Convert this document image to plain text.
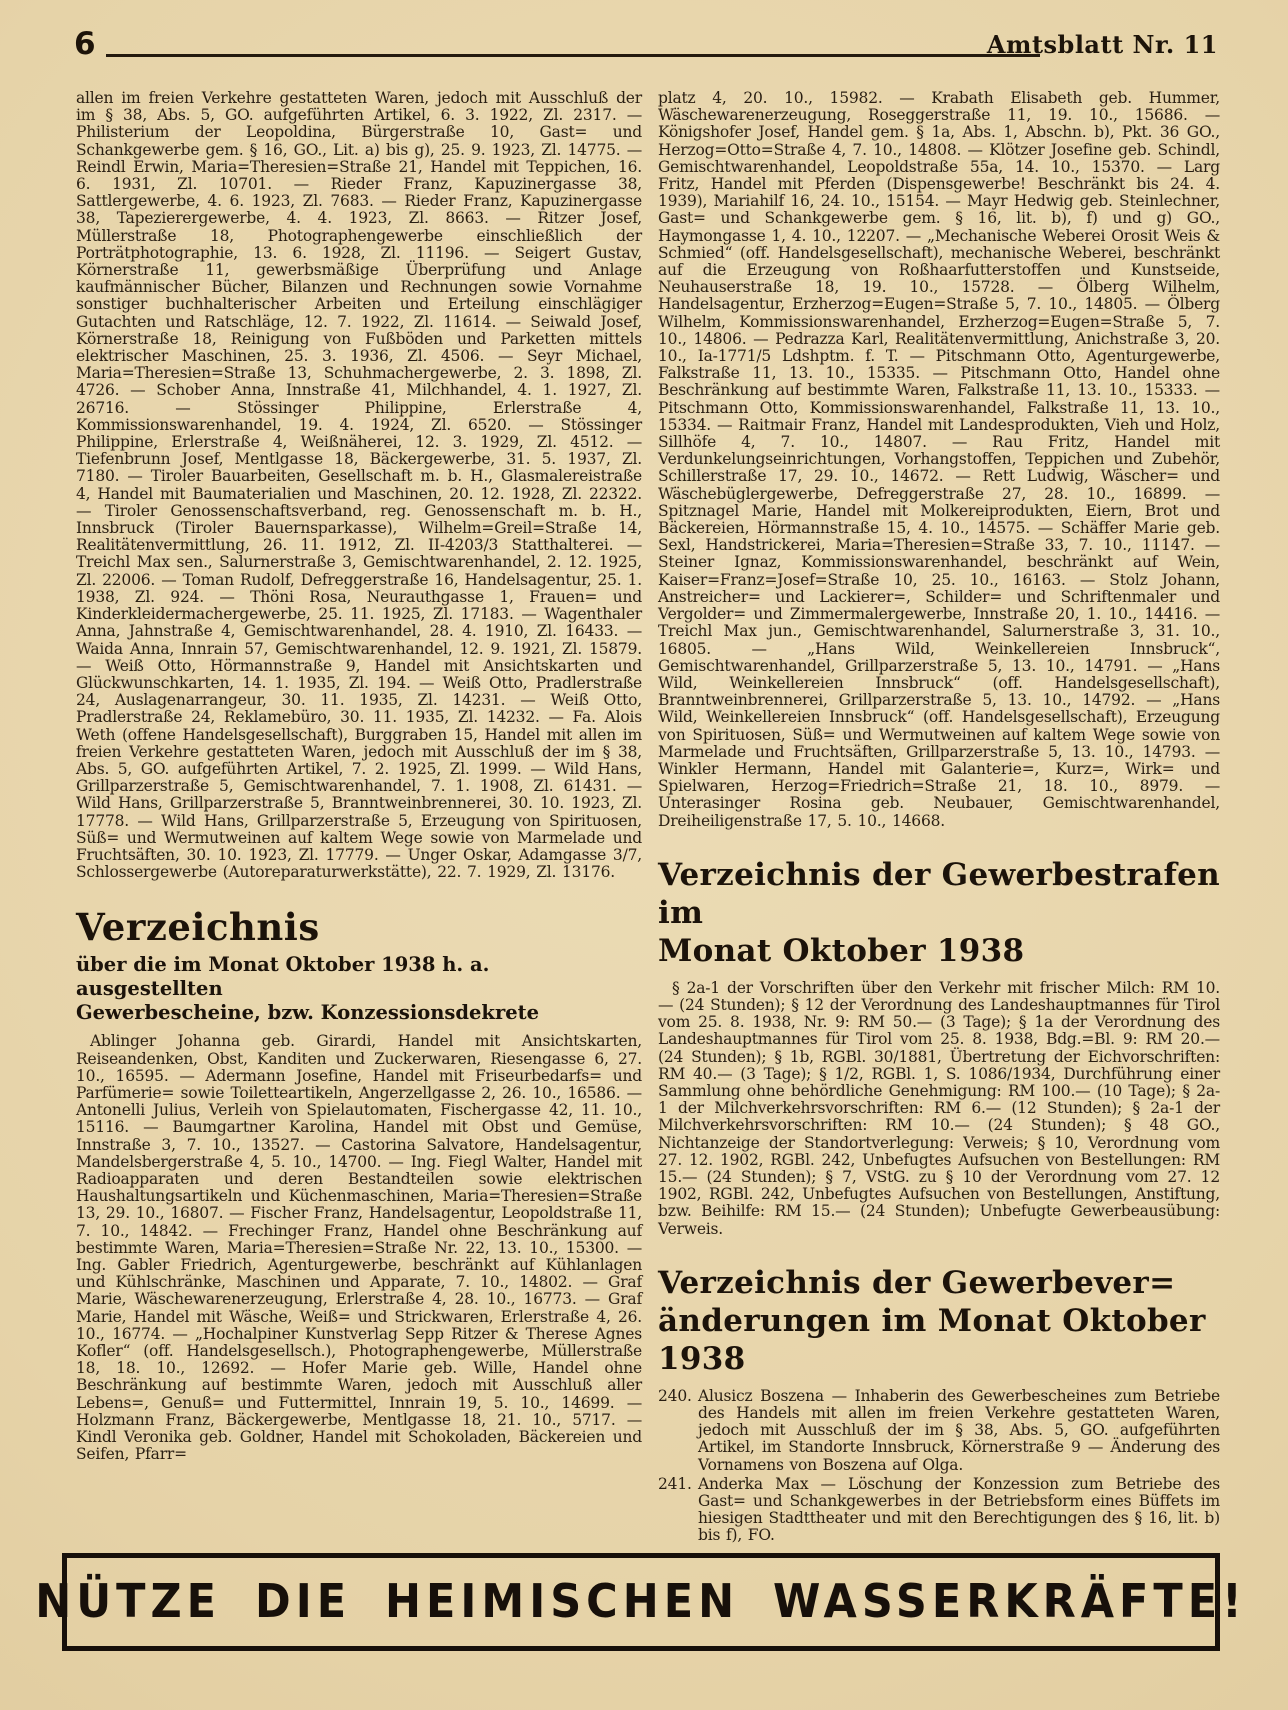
6	Amtsblatt Nr. 11
allen im freien Verkehre gestatteten Waren, jedoch mit Ausschluß der im § 38, Abs. 5, GO. aufgeführten Artikel, 6. 3. 1922, Zl. 2317. — Philisterium der Leopoldina, Bürgerstraße 10, Gast= und Schankgewerbe gem. § 16, GO., Lit. a) bis g), 25. 9. 1923, Zl. 14775. — Reindl Erwin, Maria=Theresien=Straße 21, Handel mit Teppichen, 16. 6. 1931, Zl. 10701. — Rieder Franz, Kapuzinergasse 38, Sattlergewerbe, 4. 6. 1923, Zl. 7683. — Rieder Franz, Kapuzinergasse 38, Tapezierergewerbe, 4. 4. 1923, Zl. 8663. — Ritzer Josef, Müllerstraße 18, Photographengewerbe einschließlich der Porträtphotographie, 13. 6. 1928, Zl. 11196. — Seigert Gustav, Körnerstraße 11, gewerbsmäßige Überprüfung und Anlage kaufmännischer Bücher, Bilanzen und Rechnungen sowie Vornahme sonstiger buchhalterischer Arbeiten und Erteilung einschlägiger Gutachten und Ratschläge, 12. 7. 1922, Zl. 11614. — Seiwald Josef, Körnerstraße 18, Reinigung von Fußböden und Parketten mittels elektrischer Maschinen, 25. 3. 1936, Zl. 4506. — Seyr Michael, Maria=Theresien=Straße 13, Schuhmachergewerbe, 2. 3. 1898, Zl. 4726. — Schober Anna, Innstraße 41, Milchhandel, 4. 1. 1927, Zl. 26716. — Stössinger Philippine, Erlerstraße 4, Kommissionswarenhandel, 19. 4. 1924, Zl. 6520. — Stössinger Philippine, Erlerstraße 4, Weißnäherei, 12. 3. 1929, Zl. 4512. — Tiefenbrunn Josef, Mentlgasse 18, Bäckergewerbe, 31. 5. 1937, Zl. 7180. — Tiroler Bauarbeiten, Gesellschaft m. b. H., Glasmalereistraße 4, Handel mit Baumaterialien und Maschinen, 20. 12. 1928, Zl. 22322. — Tiroler Genossenschaftsverband, reg. Genossenschaft m. b. H., Innsbruck (Tiroler Bauernsparkasse), Wilhelm=Greil=Straße 14, Realitätenvermittlung, 26. 11. 1912, Zl. II-4203/3 Statthalterei. — Treichl Max sen., Salurnerstraße 3, Gemischtwarenhandel, 2. 12. 1925, Zl. 22006. — Toman Rudolf, Defreggerstraße 16, Handelsagentur, 25. 1. 1938, Zl. 924. — Thöni Rosa, Neurauthgasse 1, Frauen= und Kinderkleidermachergewerbe, 25. 11. 1925, Zl. 17183. — Wagenthaler Anna, Jahnstraße 4, Gemischtwarenhandel, 28. 4. 1910, Zl. 16433. — Waida Anna, Innrain 57, Gemischtwarenhandel, 12. 9. 1921, Zl. 15879. — Weiß Otto, Hörmannstraße 9, Handel mit Ansichtskarten und Glückwunschkarten, 14. 1. 1935, Zl. 194. — Weiß Otto, Pradlerstraße 24, Auslagenarrangeur, 30. 11. 1935, Zl. 14231. — Weiß Otto, Pradlerstraße 24, Reklamebüro, 30. 11. 1935, Zl. 14232. — Fa. Alois Weth (offene Handelsgesellschaft), Burggraben 15, Handel mit allen im freien Verkehre gestatteten Waren, jedoch mit Ausschluß der im § 38, Abs. 5, GO. aufgeführten Artikel, 7. 2. 1925, Zl. 1999. — Wild Hans, Grillparzerstraße 5, Gemischtwarenhandel, 7. 1. 1908, Zl. 61431. — Wild Hans, Grillparzerstraße 5, Branntweinbrennerei, 30. 10. 1923, Zl. 17778. — Wild Hans, Grillparzerstraße 5, Erzeugung von Spirituosen, Süß= und Wermutweinen auf kaltem Wege sowie von Marmelade und Fruchtsäften, 30. 10. 1923, Zl. 17779. — Unger Oskar, Adamgasse 3/7, Schlossergewerbe (Autoreparaturwerkstätte), 22. 7. 1929, Zl. 13176.
Verzeichnis
über die im Monat Oktober 1938 h. a. ausgestellten
Gewerbescheine, bzw. Konzessionsdekrete
Ablinger Johanna geb. Girardi, Handel mit Ansichtskarten, Reiseandenken, Obst, Kanditen und Zuckerwaren, Riesengasse 6, 27. 10., 16595. — Adermann Josefine, Handel mit Friseurbedarfs= und Parfümerie= sowie Toiletteartikeln, Angerzellgasse 2, 26. 10., 16586. — Antonelli Julius, Verleih von Spielautomaten, Fischergasse 42, 11. 10., 15116. — Baumgartner Karolina, Handel mit Obst und Gemüse, Innstraße 3, 7. 10., 13527. — Castorina Salvatore, Handelsagentur, Mandelsbergerstraße 4, 5. 10., 14700. — Ing. Fiegl Walter, Handel mit Radioapparaten und deren Bestandteilen sowie elektrischen Haushaltungsartikeln und Küchenmaschinen, Maria=Theresien=Straße 13, 29. 10., 16807. — Fischer Franz, Handelsagentur, Leopoldstraße 11, 7. 10., 14842. — Frechinger Franz, Handel ohne Beschränkung auf bestimmte Waren, Maria=Theresien=Straße Nr. 22, 13. 10., 15300. — Ing. Gabler Friedrich, Agenturgewerbe, beschränkt auf Kühlanlagen und Kühlschränke, Maschinen und Apparate, 7. 10., 14802. — Graf Marie, Wäschewarenerzeugung, Erlerstraße 4, 28. 10., 16773. — Graf Marie, Handel mit Wäsche, Weiß= und Strickwaren, Erlerstraße 4, 26. 10., 16774. — „Hochalpiner Kunstverlag Sepp Ritzer & Therese Agnes Kofler“ (off. Handelsgesellsch.), Photographengewerbe, Müllerstraße 18, 18. 10., 12692. — Hofer Marie geb. Wille, Handel ohne Beschränkung auf bestimmte Waren, jedoch mit Ausschluß aller Lebens=, Genuß= und Futtermittel, Innrain 19, 5. 10., 14699. — Holzmann Franz, Bäckergewerbe, Mentlgasse 18, 21. 10., 5717. — Kindl Veronika geb. Goldner, Handel mit Schokoladen, Bäckereien und Seifen, Pfarr=
platz 4, 20. 10., 15982. — Krabath Elisabeth geb. Hummer, Wäschewarenerzeugung, Roseggerstraße 11, 19. 10., 15686. — Königshofer Josef, Handel gem. § 1a, Abs. 1, Abschn. b), Pkt. 36 GO., Herzog=Otto=Straße 4, 7. 10., 14808. — Klötzer Josefine geb. Schindl, Gemischtwarenhandel, Leopoldstraße 55a, 14. 10., 15370. — Larg Fritz, Handel mit Pferden (Dispensgewerbe! Beschränkt bis 24. 4. 1939), Mariahilf 16, 24. 10., 15154. — Mayr Hedwig geb. Steinlechner, Gast= und Schankgewerbe gem. § 16, lit. b), f) und g) GO., Haymongasse 1, 4. 10., 12207. — „Mechanische Weberei Orosit Weis & Schmied“ (off. Handelsgesellschaft), mechanische Weberei, beschränkt auf die Erzeugung von Roßhaarfutterstoffen und Kunstseide, Neuhauserstraße 18, 19. 10., 15728. — Ölberg Wilhelm, Handelsagentur, Erzherzog=Eugen=Straße 5, 7. 10., 14805. — Ölberg Wilhelm, Kommissionswarenhandel, Erzherzog=Eugen=Straße 5, 7. 10., 14806. — Pedrazza Karl, Realitätenvermittlung, Anichstraße 3, 20. 10., Ia-1771/5 Ldshptm. f. T. — Pitschmann Otto, Agenturgewerbe, Falkstraße 11, 13. 10., 15335. — Pitschmann Otto, Handel ohne Beschränkung auf bestimmte Waren, Falkstraße 11, 13. 10., 15333. — Pitschmann Otto, Kommissionswarenhandel, Falkstraße 11, 13. 10., 15334. — Raitmair Franz, Handel mit Landesprodukten, Vieh und Holz, Sillhöfe 4, 7. 10., 14807. — Rau Fritz, Handel mit Verdunkelungseinrichtungen, Vorhangstoffen, Teppichen und Zubehör, Schillerstraße 17, 29. 10., 14672. — Rett Ludwig, Wäscher= und Wäschebüglergewerbe, Defreggerstraße 27, 28. 10., 16899. — Spitznagel Marie, Handel mit Molkereiprodukten, Eiern, Brot und Bäckereien, Hörmannstraße 15, 4. 10., 14575. — Schäffer Marie geb. Sexl, Handstrickerei, Maria=Theresien=Straße 33, 7. 10., 11147. — Steiner Ignaz, Kommissionswarenhandel, beschränkt auf Wein, Kaiser=Franz=Josef=Straße 10, 25. 10., 16163. — Stolz Johann, Anstreicher= und Lackierer=, Schilder= und Schriftenmaler und Vergolder= und Zimmermalergewerbe, Innstraße 20, 1. 10., 14416. — Treichl Max jun., Gemischtwarenhandel, Salurnerstraße 3, 31. 10., 16805. — „Hans Wild, Weinkellereien Innsbruck“, Gemischtwarenhandel, Grillparzerstraße 5, 13. 10., 14791. — „Hans Wild, Weinkellereien Innsbruck“ (off. Handelsgesellschaft), Branntweinbrennerei, Grillparzerstraße 5, 13. 10., 14792. — „Hans Wild, Weinkellereien Innsbruck“ (off. Handelsgesellschaft), Erzeugung von Spirituosen, Süß= und Wermutweinen auf kaltem Wege sowie von Marmelade und Fruchtsäften, Grillparzerstraße 5, 13. 10., 14793. — Winkler Hermann, Handel mit Galanterie=, Kurz=, Wirk= und Spielwaren, Herzog=Friedrich=Straße 21, 18. 10., 8979. — Unterasinger Rosina geb. Neubauer, Gemischtwarenhandel, Dreiheiligenstraße 17, 5. 10., 14668.
Verzeichnis der Gewerbestrafen im
Monat Oktober 1938
§ 2a-1 der Vorschriften über den Verkehr mit frischer Milch: RM 10.— (24 Stunden); § 12 der Verordnung des Landeshauptmannes für Tirol vom 25. 8. 1938, Nr. 9: RM 50.— (3 Tage); § 1a der Verordnung des Landeshauptmannes für Tirol vom 25. 8. 1938, Bdg.=Bl. 9: RM 20.— (24 Stunden); § 1b, RGBl. 30/1881, Übertretung der Eichvorschriften: RM 40.— (3 Tage); § 1/2, RGBl. 1, S. 1086/1934, Durchführung einer Sammlung ohne behördliche Genehmigung: RM 100.— (10 Tage); § 2a-1 der Milchverkehrsvorschriften: RM 6.— (12 Stunden); § 2a-1 der Milchverkehrsvorschriften: RM 10.— (24 Stunden); § 48 GO., Nichtanzeige der Standortverlegung: Verweis; § 10, Verordnung vom 27. 12. 1902, RGBl. 242, Unbefugtes Aufsuchen von Bestellungen: RM 15.— (24 Stunden); § 7, VStG. zu § 10 der Verordnung vom 27. 12 1902, RGBl. 242, Unbefugtes Aufsuchen von Bestellungen, Anstiftung, bzw. Beihilfe: RM 15.— (24 Stunden); Unbefugte Gewerbeausübung: Verweis.
Verzeichnis der Gewerbever=
änderungen im Monat Oktober 1938
240. Alusicz Boszena — Inhaberin des Gewerbescheines zum Betriebe des Handels mit allen im freien Verkehre gestatteten Waren, jedoch mit Ausschluß der im § 38, Abs. 5, GO. aufgeführten Artikel, im Standorte Innsbruck, Körnerstraße 9 — Änderung des Vornamens von Boszena auf Olga.
241. Anderka Max — Löschung der Konzession zum Betriebe des Gast= und Schankgewerbes in der Betriebsform eines Büffets im hiesigen Stadttheater und mit den Berechtigungen des § 16, lit. b) bis f), FO.
NÜTZE DIE HEIMISCHEN WASSERKRÄFTE!
